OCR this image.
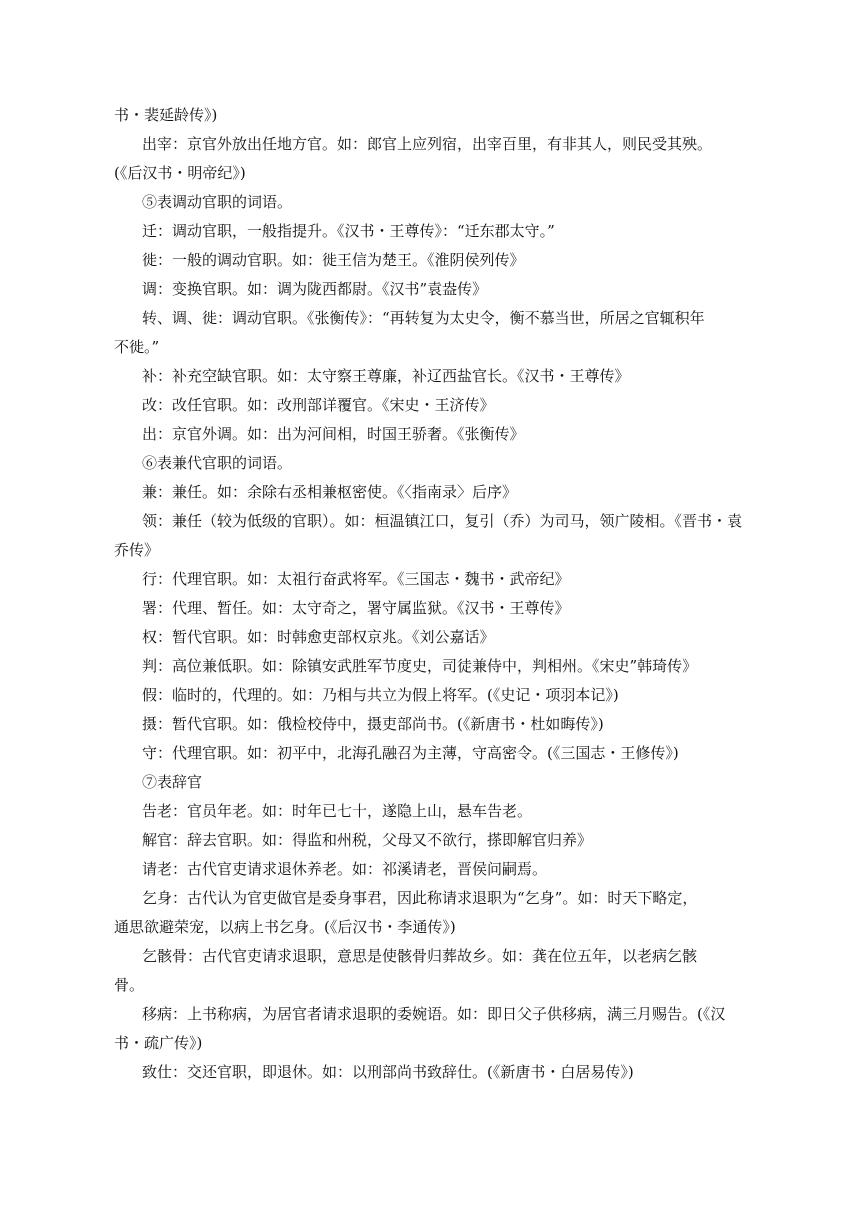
书・裴延龄传》)
出宰：京官外放出任地方官。如：郎官上应列宿，出宰百里，有非其人，则民受其殃。
(《后汉书・明帝纪》)
⑤表调动官职的词语。
迁：调动官职，一般指提升。《汉书・王尊传》：“迁东郡太守。”
徙：一般的调动官职。如：徙王信为楚王。《淮阴侯列传》
调：变换官职。如：调为陇西都尉。《汉书”袁盎传》
转、调、徙：调动官职。《张衡传》：“再转复为太史令，衡不慕当世，所居之官辄积年
不徙。”
补：补充空缺官职。如：太守察王尊廉，补辽西盐官长。《汉书・王尊传》
改：改任官职。如：改刑部详覆官。《宋史・王济传》
出：京官外调。如：出为河间相，时国王骄奢。《张衡传》
⑥表兼代官职的词语。
兼：兼任。如：余除右丞相兼枢密使。《〈指南录〉后序》
领：兼任（较为低级的官职）。如：桓温镇江口，复引（乔）为司马，领广陵相。《晋书・袁
乔传》
行：代理官职。如：太祖行奋武将军。《三国志・魏书・武帝纪》
署：代理、暂任。如：太守奇之，署守属监狱。《汉书・王尊传》
权：暂代官职。如：时韩愈吏部权京兆。《刘公嘉话》
判：高位兼低职。如：除镇安武胜军节度史，司徒兼侍中，判相州。《宋史”韩琦传》
假：临时的，代理的。如：乃相与共立为假上将军。(《史记・项羽本记》)
摄：暂代官职。如：俄检校侍中，摄吏部尚书。(《新唐书・杜如晦传》)
守：代理官职。如：初平中，北海孔融召为主薄，守高密令。(《三国志・王修传》)
⑦表辞官
告老：官员年老。如：时年已七十，遂隐上山，悬车告老。
解官：辞去官职。如：得监和州税，父母又不欲行，搽即解官归养》
请老：古代官吏请求退休养老。如：祁溪请老，晋侯问嗣焉。
乞身：古代认为官吏做官是委身事君，因此称请求退职为“乞身”。如：时天下略定，
通思欲避荣宠，以病上书乞身。(《后汉书・李通传》)
乞骸骨：古代官吏请求退职，意思是使骸骨归葬故乡。如：龚在位五年，以老病乞骸
骨。
移病：上书称病，为居官者请求退职的委婉语。如：即日父子供移病，满三月赐告。(《汉
书・疏广传》)
致仕：交还官职，即退休。如：以刑部尚书致辞仕。(《新唐书・白居易传》)
